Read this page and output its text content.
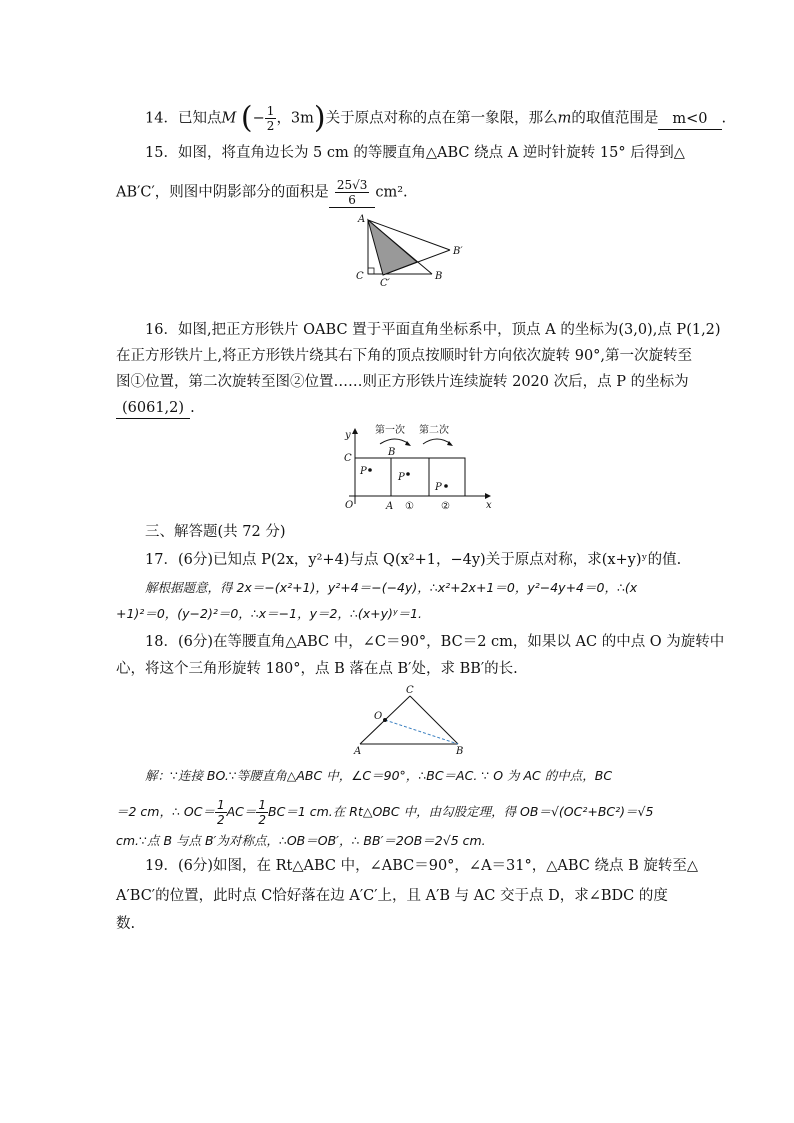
14．已知点M (− $\frac{1}{2}$ ，3m)关于原点对称的点在第一象限，那么m的取值范围是 m<0 .
15．如图，将直角边长为 5 cm 的等腰直角△ABC 绕点 A 逆时针旋转 15° 后得到△
AB′C′，则图中阴影部分的面积是 $\frac{25√3}{6} cm^2$.
A
B′
C
C′
B
16．如图,把正方形铁片 OABC 置于平面直角坐标系中，顶点 A 的坐标为(3,0),点 P(1,2)
在正方形铁片上,将正方形铁片绕其右下角的顶点按顺时针方向依次旋转 90°,第一次旋转至
图①位置，第二次旋转至图②位置……则正方形铁片连续旋转 2020 次后，点 P 的坐标为
(6061,2) .
y
x
C
B
O	A
P
P
P
第一次 第二次
①	②
三、解答题(共 72 分)
17．(6分)已知点 P(2x，y²+4)与点 Q(x²+1，−4y)关于原点对称，求(x+y)ʸ的值.
解根据题意，得 2x＝−(x²+1)，y²+4＝−(−4y)，∴x²+2x+1＝0，y²−4y+4＝0，∴(x
+1)²＝0，(y−2)²＝0，∴x＝−1，y＝2，∴(x+y)ʸ＝1.
18．(6分)在等腰直角△ABC 中，∠C＝90°，BC＝2 cm，如果以 AC 的中点 O 为旋转中
心，将这个三角形旋转 180°，点 B 落在点 B′处，求 BB′的长.
A	B
C
O
解：∵连接 BO.∵等腰直角△ABC 中，∠C＝90°，∴BC＝AC. ∵ O 为 AC 的中点，BC
＝2 cm，∴ $OC= \frac{1}{2} AC= \frac{1}{2} BC=1$ cm.在 Rt△OBC 中，由勾股定理，得 OB＝√(OC²+BC²)＝√5
cm.∵点 B 与点 B′为对称点，∴OB＝OB′，∴ BB′＝2OB＝2√5 cm.
19．(6分)如图，在 Rt△ABC 中，∠ABC＝90°，∠A＝31°，△ABC 绕点 B 旋转至△
A′BC′的位置，此时点 C恰好落在边 A′C′上，且 A′B 与 AC 交于点 D，求∠BDC 的度
数.
